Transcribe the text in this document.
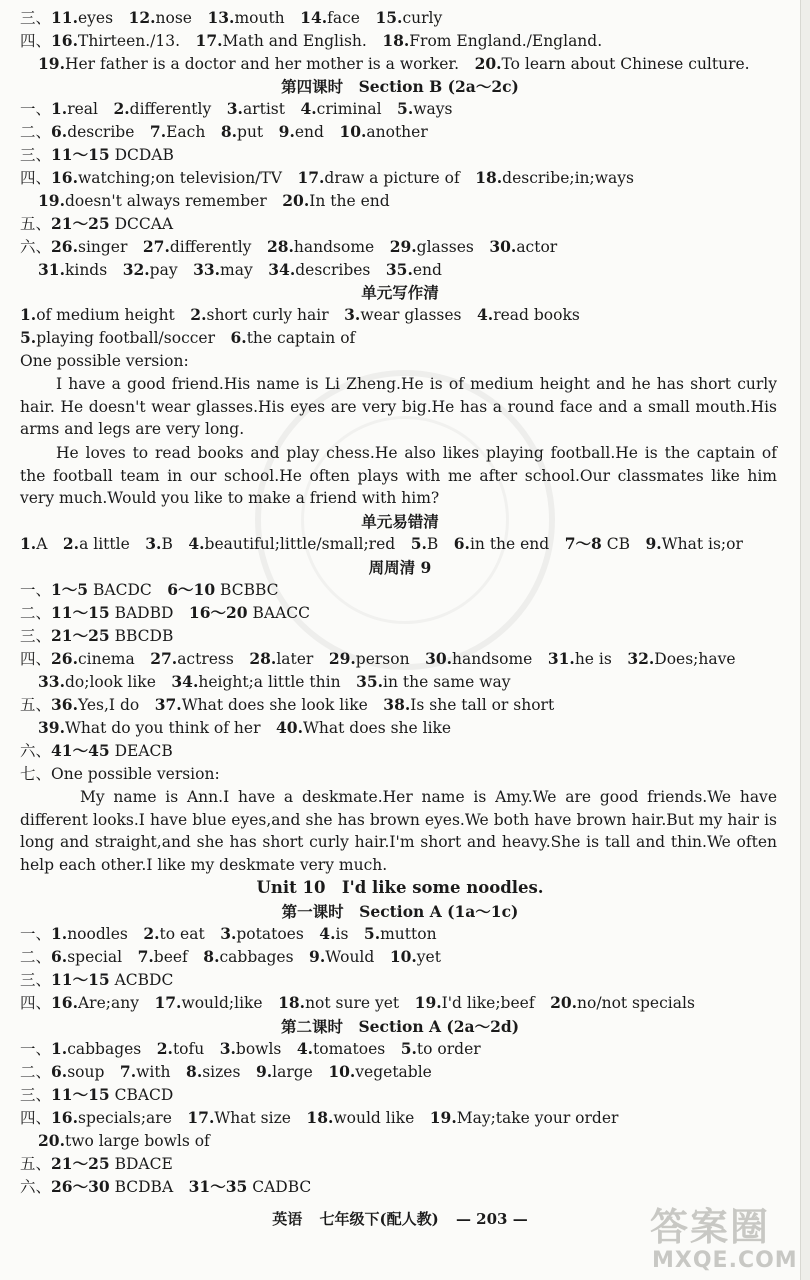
三、11.eyes　12.nose　13.mouth　14.face　15.curly
四、16.Thirteen./13.　17.Math and English.　18.From England./England.
19.Her father is a doctor and her mother is a worker.　20.To learn about Chinese culture.
第四课时　Section B (2a～2c)
一、1.real　2.differently　3.artist　4.criminal　5.ways
二、6.describe　7.Each　8.put　9.end　10.another
三、11～15 DCDAB
四、16.watching;on television/TV　17.draw a picture of　18.describe;in;ways
19.doesn't always remember　20.In the end
五、21～25 DCCAA
六、26.singer　27.differently　28.handsome　29.glasses　30.actor
31.kinds　32.pay　33.may　34.describes　35.end
单元写作清
1.of medium height　2.short curly hair　3.wear glasses　4.read books
5.playing football/soccer　6.the captain of
One possible version:
I have a good friend.His name is Li Zheng.He is of medium height and he has short curly hair. He doesn't wear glasses.His eyes are very big.He has a round face and a small mouth.His arms and legs are very long.
He loves to read books and play chess.He also likes playing football.He is the captain of the football team in our school.He often plays with me after school.Our classmates like him very much.Would you like to make a friend with him?
单元易错清
1.A　2.a little　3.B　4.beautiful;little/small;red　5.B　6.in the end　7～8 CB　9.What is;or
周周清 9
一、1～5 BACDC　6～10 BCBBC
二、11～15 BADBD　16～20 BAACC
三、21～25 BBCDB
四、26.cinema　27.actress　28.later　29.person　30.handsome　31.he is　32.Does;have
33.do;look like　34.height;a little thin　35.in the same way
五、36.Yes,I do　37.What does she look like　38.Is she tall or short
39.What do you think of her　40.What does she like
六、41～45 DEACB
七、One possible version:
My name is Ann.I have a deskmate.Her name is Amy.We are good friends.We have different looks.I have blue eyes,and she has brown eyes.We both have brown hair.But my hair is long and straight,and she has short curly hair.I'm short and heavy.She is tall and thin.We often help each other.I like my deskmate very much.
Unit 10　I'd like some noodles.
第一课时　Section A (1a～1c)
一、1.noodles　2.to eat　3.potatoes　4.is　5.mutton
二、6.special　7.beef　8.cabbages　9.Would　10.yet
三、11～15 ACBDC
四、16.Are;any　17.would;like　18.not sure yet　19.I'd like;beef　20.no/not specials
第二课时　Section A (2a～2d)
一、1.cabbages　2.tofu　3.bowls　4.tomatoes　5.to order
二、6.soup　7.with　8.sizes　9.large　10.vegetable
三、11～15 CBACD
四、16.specials;are　17.What size　18.would like　19.May;take your order
20.two large bowls of
五、21～25 BDACE
六、26～30 BCDBA　31～35 CADBC
英语 七年级下(配人教) — 203 —	答案圈
MXQE.COM
